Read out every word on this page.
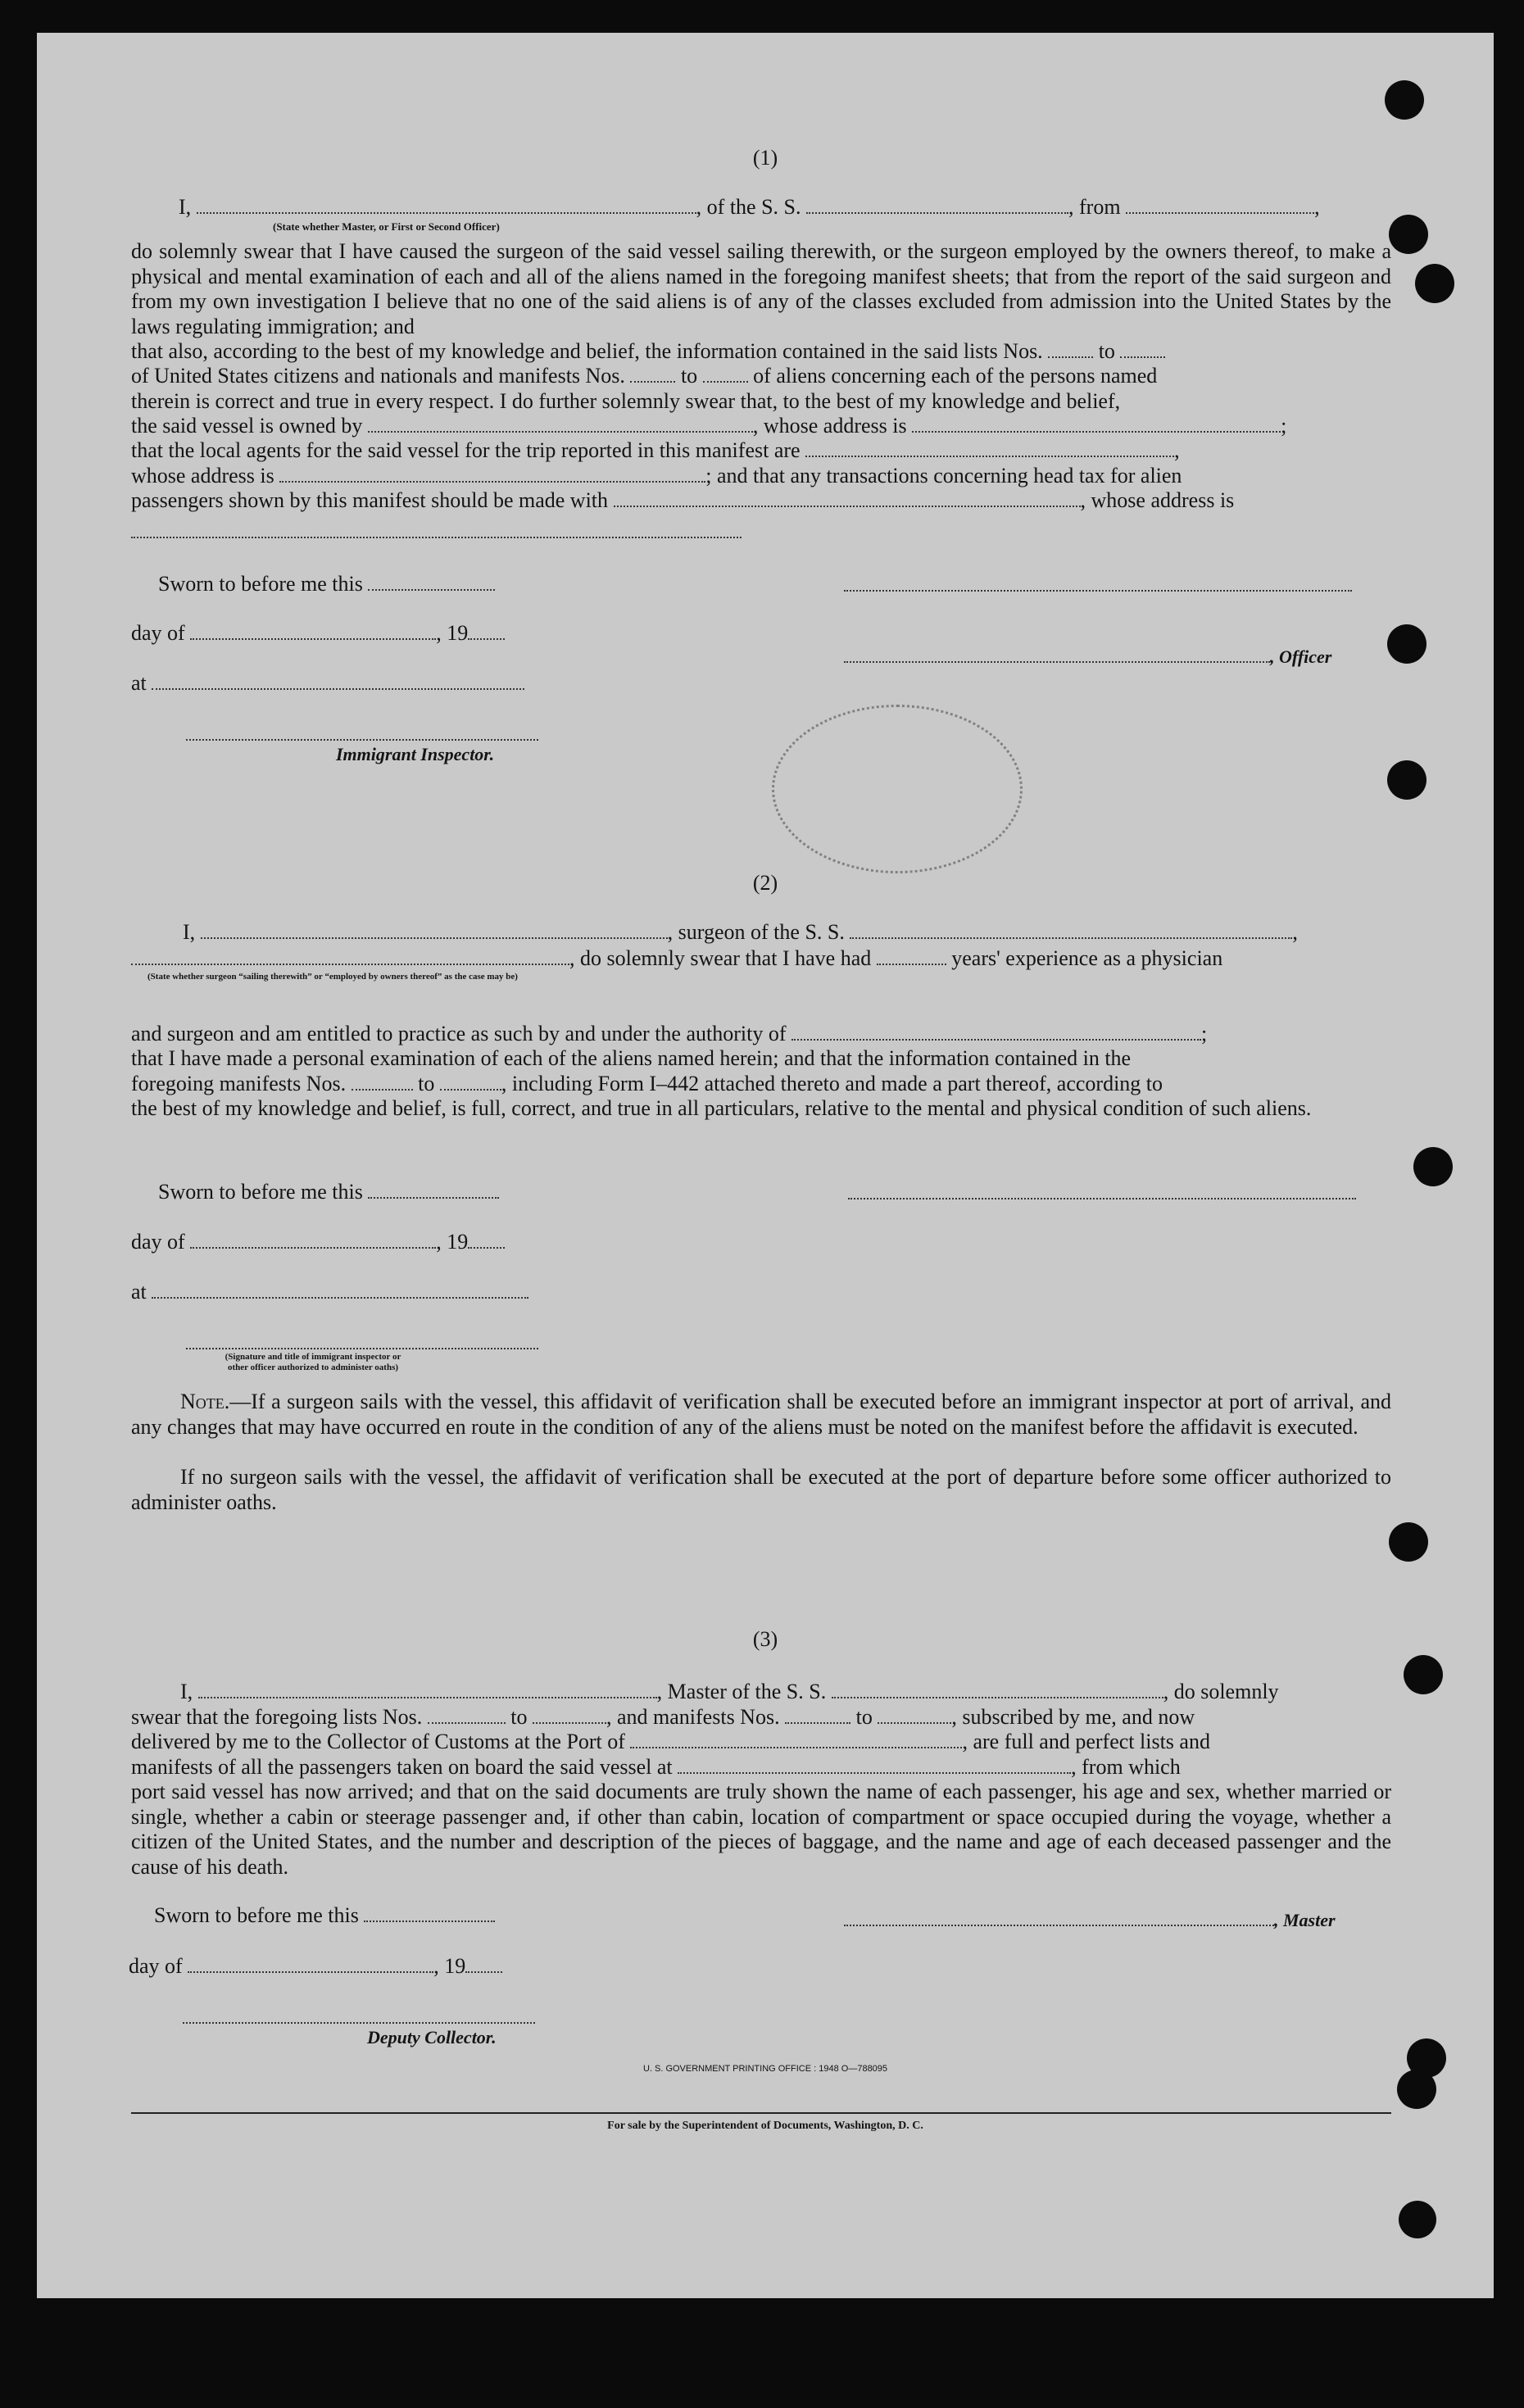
(1)
I,	, of the S. S.	, from	,
(State whether Master, or First or Second Officer)
do solemnly swear that I have caused the surgeon of the said vessel sailing therewith, or the surgeon employed by the owners thereof, to make a physical and mental examination of each and all of the aliens named in the foregoing manifest sheets; that from the report of the said surgeon and from my own investigation I believe that no one of the said aliens is of any of the classes excluded from admission into the United States by the laws regulating immigration; and
that also, according to the best of my knowledge and belief, the information contained in the said lists Nos.	to
of United States citizens and nationals and manifests Nos.	to	of aliens concerning each of the persons named
therein is correct and true in every respect. I do further solemnly swear that, to the best of my knowledge and belief,
the said vessel is owned by	, whose address is	;
that the local agents for the said vessel for the trip reported in this manifest are	,
whose address is	; and that any transactions concerning head tax for alien
passengers shown by this manifest should be made with	, whose address is
Sworn to before me this
day of	, 19
, Officer
at
Immigrant Inspector.
(2)
I,	, surgeon of the S. S.	,
, do solemnly swear that I have had	years' experience as a physician
(State whether surgeon “sailing therewith” or “employed by owners thereof” as the case may be)
and surgeon and am entitled to practice as such by and under the authority of	;
that I have made a personal examination of each of the aliens named herein; and that the information contained in the
foregoing manifests Nos.	to	, including Form I–442 attached thereto and made a part thereof, according to
the best of my knowledge and belief, is full, correct, and true in all particulars, relative to the mental and physical condition of such aliens.
Sworn to before me this
day of	, 19
at
(Signature and title of immigrant inspector or other officer authorized to administer oaths)
Note.—If a surgeon sails with the vessel, this affidavit of verification shall be executed before an immigrant inspector at port of arrival, and any changes that may have occurred en route in the condition of any of the aliens must be noted on the manifest before the affidavit is executed.
If no surgeon sails with the vessel, the affidavit of verification shall be executed at the port of departure before some officer authorized to administer oaths.
(3)
I,	, Master of the S. S.	, do solemnly
swear that the foregoing lists Nos.	to	, and manifests Nos.	to	, subscribed by me, and now
delivered by me to the Collector of Customs at the Port of	, are full and perfect lists and
manifests of all the passengers taken on board the said vessel at	, from which
port said vessel has now arrived; and that on the said documents are truly shown the name of each passenger, his age and sex, whether married or single, whether a cabin or steerage passenger and, if other than cabin, location of compartment or space occupied during the voyage, whether a citizen of the United States, and the number and description of the pieces of baggage, and the name and age of each deceased passenger and the cause of his death.
Sworn to before me this	, Master
day of	, 19
Deputy Collector.
U. S. GOVERNMENT PRINTING OFFICE : 1948 O—788095
For sale by the Superintendent of Documents, Washington, D. C.
